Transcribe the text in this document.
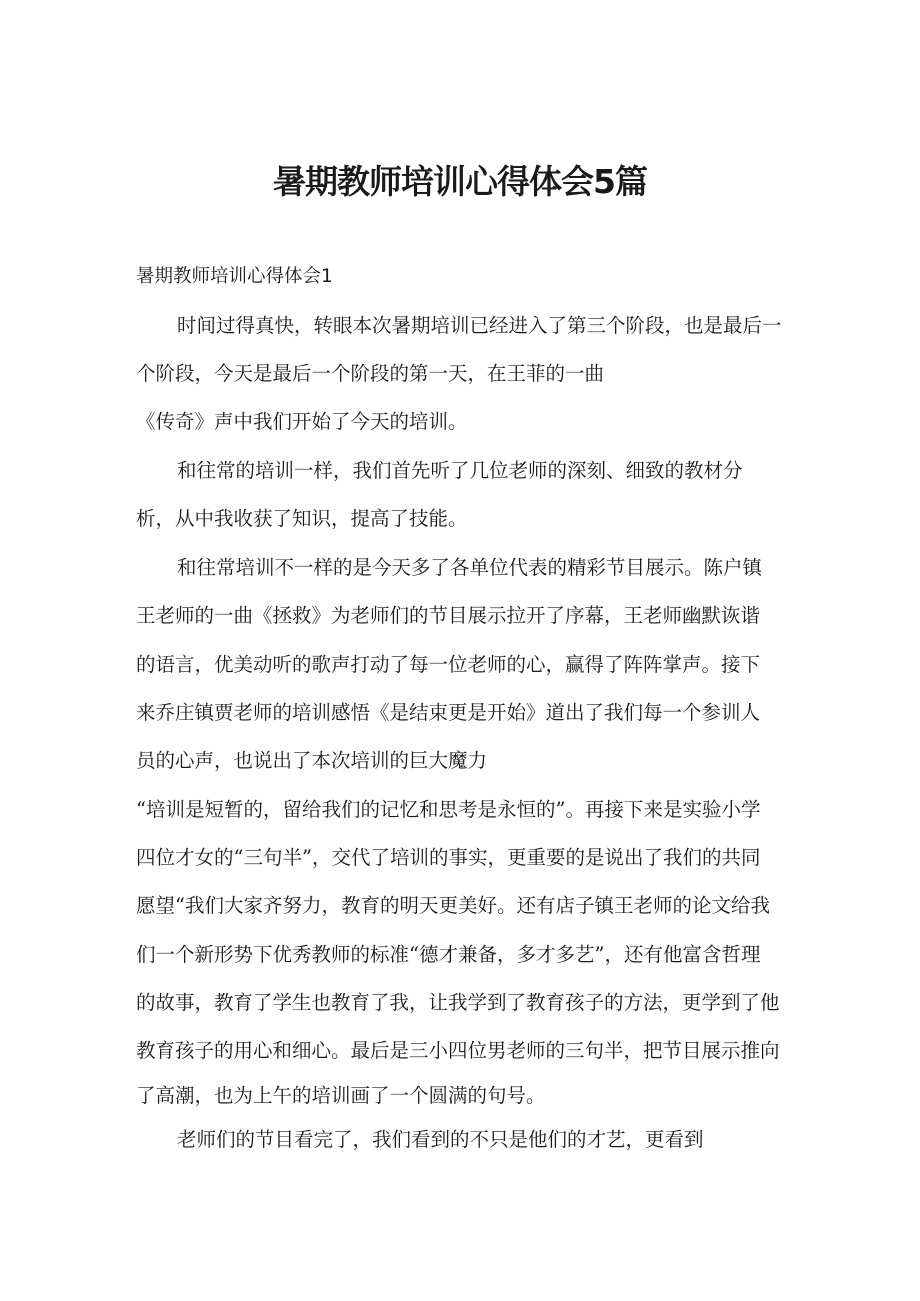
暑期教师培训心得体会5篇

暑期教师培训心得体会1

时间过得真快，转眼本次暑期培训已经进入了第三个阶段，也是最后一

个阶段，今天是最后一个阶段的第一天，在王菲的一曲

《传奇》声中我们开始了今天的培训。

和往常的培训一样，我们首先听了几位老师的深刻、细致的教材分

析，从中我收获了知识，提高了技能。

和往常培训不一样的是今天多了各单位代表的精彩节目展示。陈户镇

王老师的一曲《拯救》为老师们的节目展示拉开了序幕，王老师幽默诙谐

的语言，优美动听的歌声打动了每一位老师的心，赢得了阵阵掌声。接下

来乔庄镇贾老师的培训感悟《是结束更是开始》道出了我们每一个参训人

员的心声，也说出了本次培训的巨大魔力

“培训是短暂的，留给我们的记忆和思考是永恒的”。再接下来是实验小学

四位才女的“三句半”，交代了培训的事实，更重要的是说出了我们的共同

愿望“我们大家齐努力，教育的明天更美好。还有店子镇王老师的论文给我

们一个新形势下优秀教师的标准“德才兼备，多才多艺”，还有他富含哲理

的故事，教育了学生也教育了我，让我学到了教育孩子的方法，更学到了他

教育孩子的用心和细心。最后是三小四位男老师的三句半，把节目展示推向

了高潮，也为上午的培训画了一个圆满的句号。

老师们的节目看完了，我们看到的不只是他们的才艺，更看到
